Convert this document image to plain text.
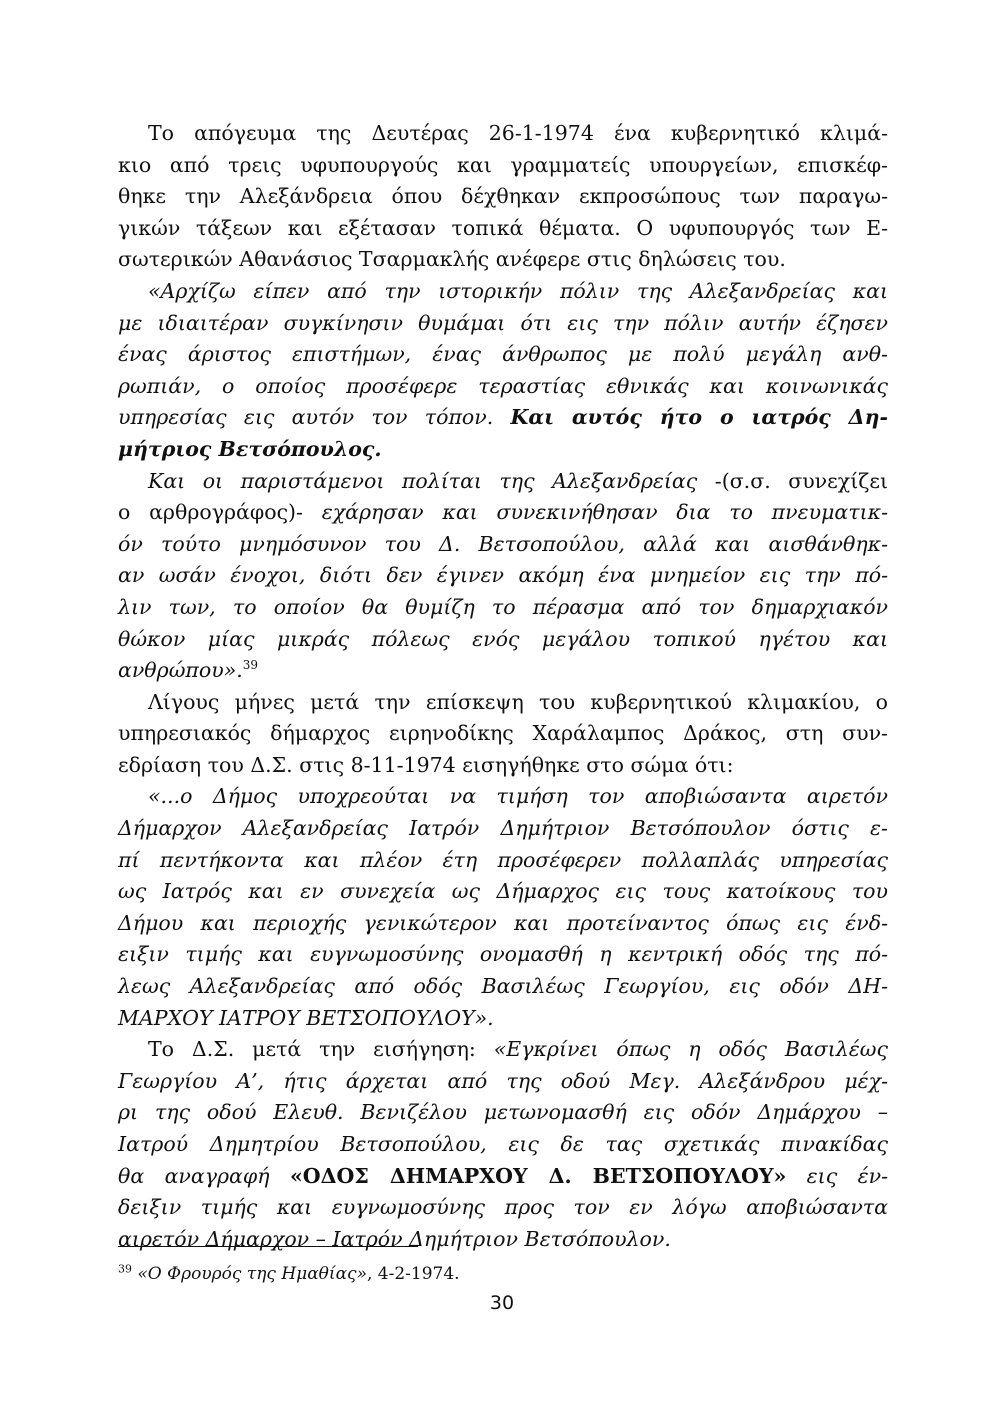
Το απόγευμα της Δευτέρας 26-1-1974 ένα κυβερνητικό κλιμά-
κιο από τρεις υφυπουργούς και γραμματείς υπουργείων, επισκέφ-
θηκε την Αλεξάνδρεια όπου δέχθηκαν εκπροσώπους των παραγω-
γικών τάξεων και εξέτασαν τοπικά θέματα. Ο υφυπουργός των Ε-
σωτερικών Αθανάσιος Τσαρμακλής ανέφερε στις δηλώσεις του.
«Αρχίζω είπεν από την ιστορικήν πόλιν της Αλεξανδρείας και
με ιδιαιτέραν συγκίνησιν θυμάμαι ότι εις την πόλιν αυτήν έζησεν
ένας άριστος επιστήμων, ένας άνθρωπος με πολύ μεγάλη ανθ-
ρωπιάν, ο οποίος προσέφερε τεραστίας εθνικάς και κοινωνικάς
υπηρεσίας εις αυτόν τον τόπον. Και αυτός ήτο ο ιατρός Δη-
μήτριος Βετσόπουλος.
Και οι παριστάμενοι πολίται της Αλεξανδρείας -(σ.σ. συνεχίζει
ο αρθρογράφος)- εχάρησαν και συνεκινήθησαν δια το πνευματικ-
όν τούτο μνημόσυνον του Δ. Βετσοπούλου, αλλά και αισθάνθηκ-
αν ωσάν ένοχοι, διότι δεν έγινεν ακόμη ένα μνημείον εις την πό-
λιν των, το οποίον θα θυμίζη το πέρασμα από τον δημαρχιακόν
θώκον μίας μικράς πόλεως ενός μεγάλου τοπικού ηγέτου και
ανθρώπου».$^{39}$
Λίγους μήνες μετά την επίσκεψη του κυβερνητικού κλιμακίου, ο
υπηρεσιακός δήμαρχος ειρηνοδίκης Χαράλαμπος Δράκος, στη συν-
εδρίαση του Δ.Σ. στις 8-11-1974 εισηγήθηκε στο σώμα ότι:
«...ο Δήμος υποχρεούται να τιμήση τον αποβιώσαντα αιρετόν
Δήμαρχον Αλεξανδρείας Ιατρόν Δημήτριον Βετσόπουλον όστις ε-
πί πεντήκοντα και πλέον έτη προσέφερεν πολλαπλάς υπηρεσίας
ως Ιατρός και εν συνεχεία ως Δήμαρχος εις τους κατοίκους του
Δήμου και περιοχής γενικώτερον και προτείναντος όπως εις ένδ-
ειξιν τιμής και ευγνωμοσύνης ονομασθή η κεντρική οδός της πό-
λεως Αλεξανδρείας από οδός Βασιλέως Γεωργίου, εις οδόν ΔΗ-
ΜΑΡΧΟΥ ΙΑΤΡΟΥ ΒΕΤΣΟΠΟΥΛΟΥ».
Το Δ.Σ. μετά την εισήγηση: «Εγκρίνει όπως η οδός Βασιλέως
Γεωργίου Α’, ήτις άρχεται από της οδού Μεγ. Αλεξάνδρου μέχ-
ρι της οδού Ελευθ. Βενιζέλου μετωνομασθή εις οδόν Δημάρχου –
Ιατρού Δημητρίου Βετσοπούλου, εις δε τας σχετικάς πινακίδας
θα αναγραφή «ΟΔΟΣ ΔΗΜΑΡΧΟΥ Δ. ΒΕΤΣΟΠΟΥΛΟΥ» εις έν-
δειξιν τιμής και ευγνωμοσύνης προς τον εν λόγω αποβιώσαντα
αιρετόν Δήμαρχον – Ιατρόν Δημήτριον Βετσόπουλον.
$^{39}$ «Ο Φρουρός της Ημαθίας», 4-2-1974.
30
